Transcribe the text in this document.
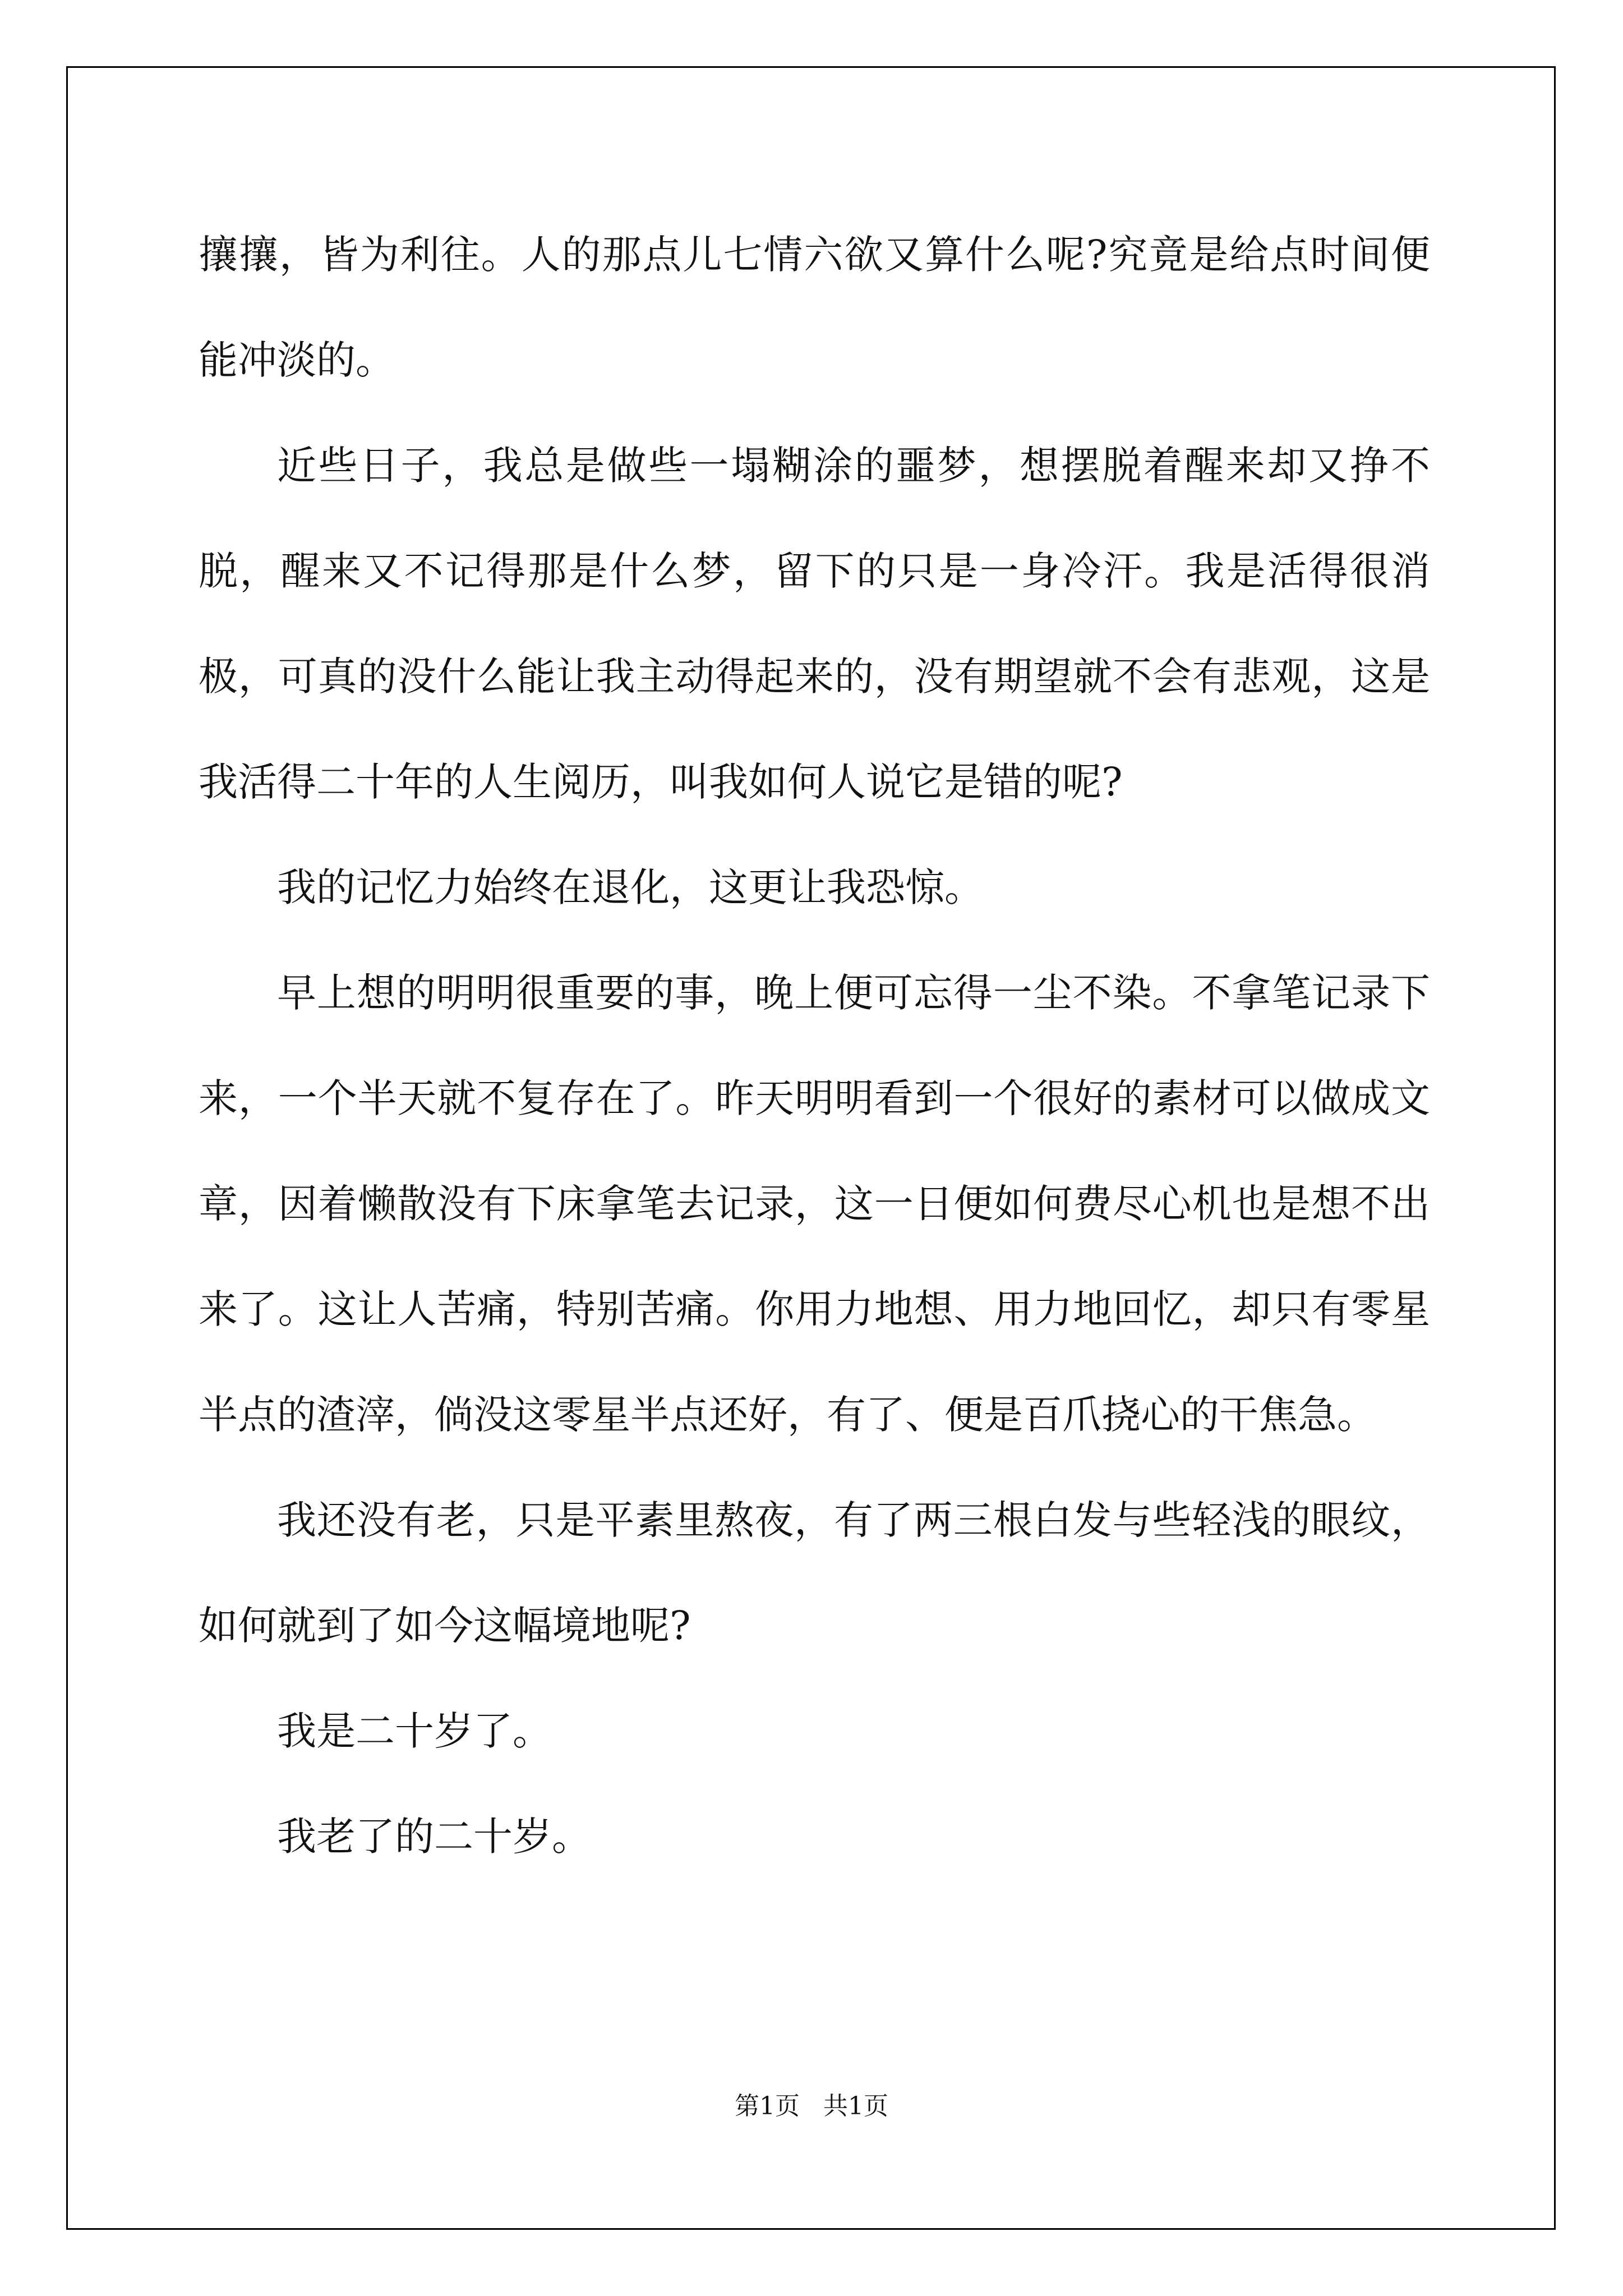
攘攘，皆为利往。人的那点儿七情六欲又算什么呢?究竟是给点时间便能冲淡的。

近些日子，我总是做些一塌糊涂的噩梦，想摆脱着醒来却又挣不脱，醒来又不记得那是什么梦，留下的只是一身冷汗。我是活得很消极，可真的没什么能让我主动得起来的，没有期望就不会有悲观，这是我活得二十年的人生阅历，叫我如何人说它是错的呢?

我的记忆力始终在退化，这更让我恐惊。

早上想的明明很重要的事，晚上便可忘得一尘不染。不拿笔记录下来，一个半天就不复存在了。昨天明明看到一个很好的素材可以做成文章，因着懒散没有下床拿笔去记录，这一日便如何费尽心机也是想不出来了。这让人苦痛，特别苦痛。你用力地想、用力地回忆，却只有零星半点的渣滓，倘没这零星半点还好，有了、便是百爪挠心的干焦急。

我还没有老，只是平素里熬夜，有了两三根白发与些轻浅的眼纹，如何就到了如今这幅境地呢?

我是二十岁了。

我老了的二十岁。

第1页   共1页
